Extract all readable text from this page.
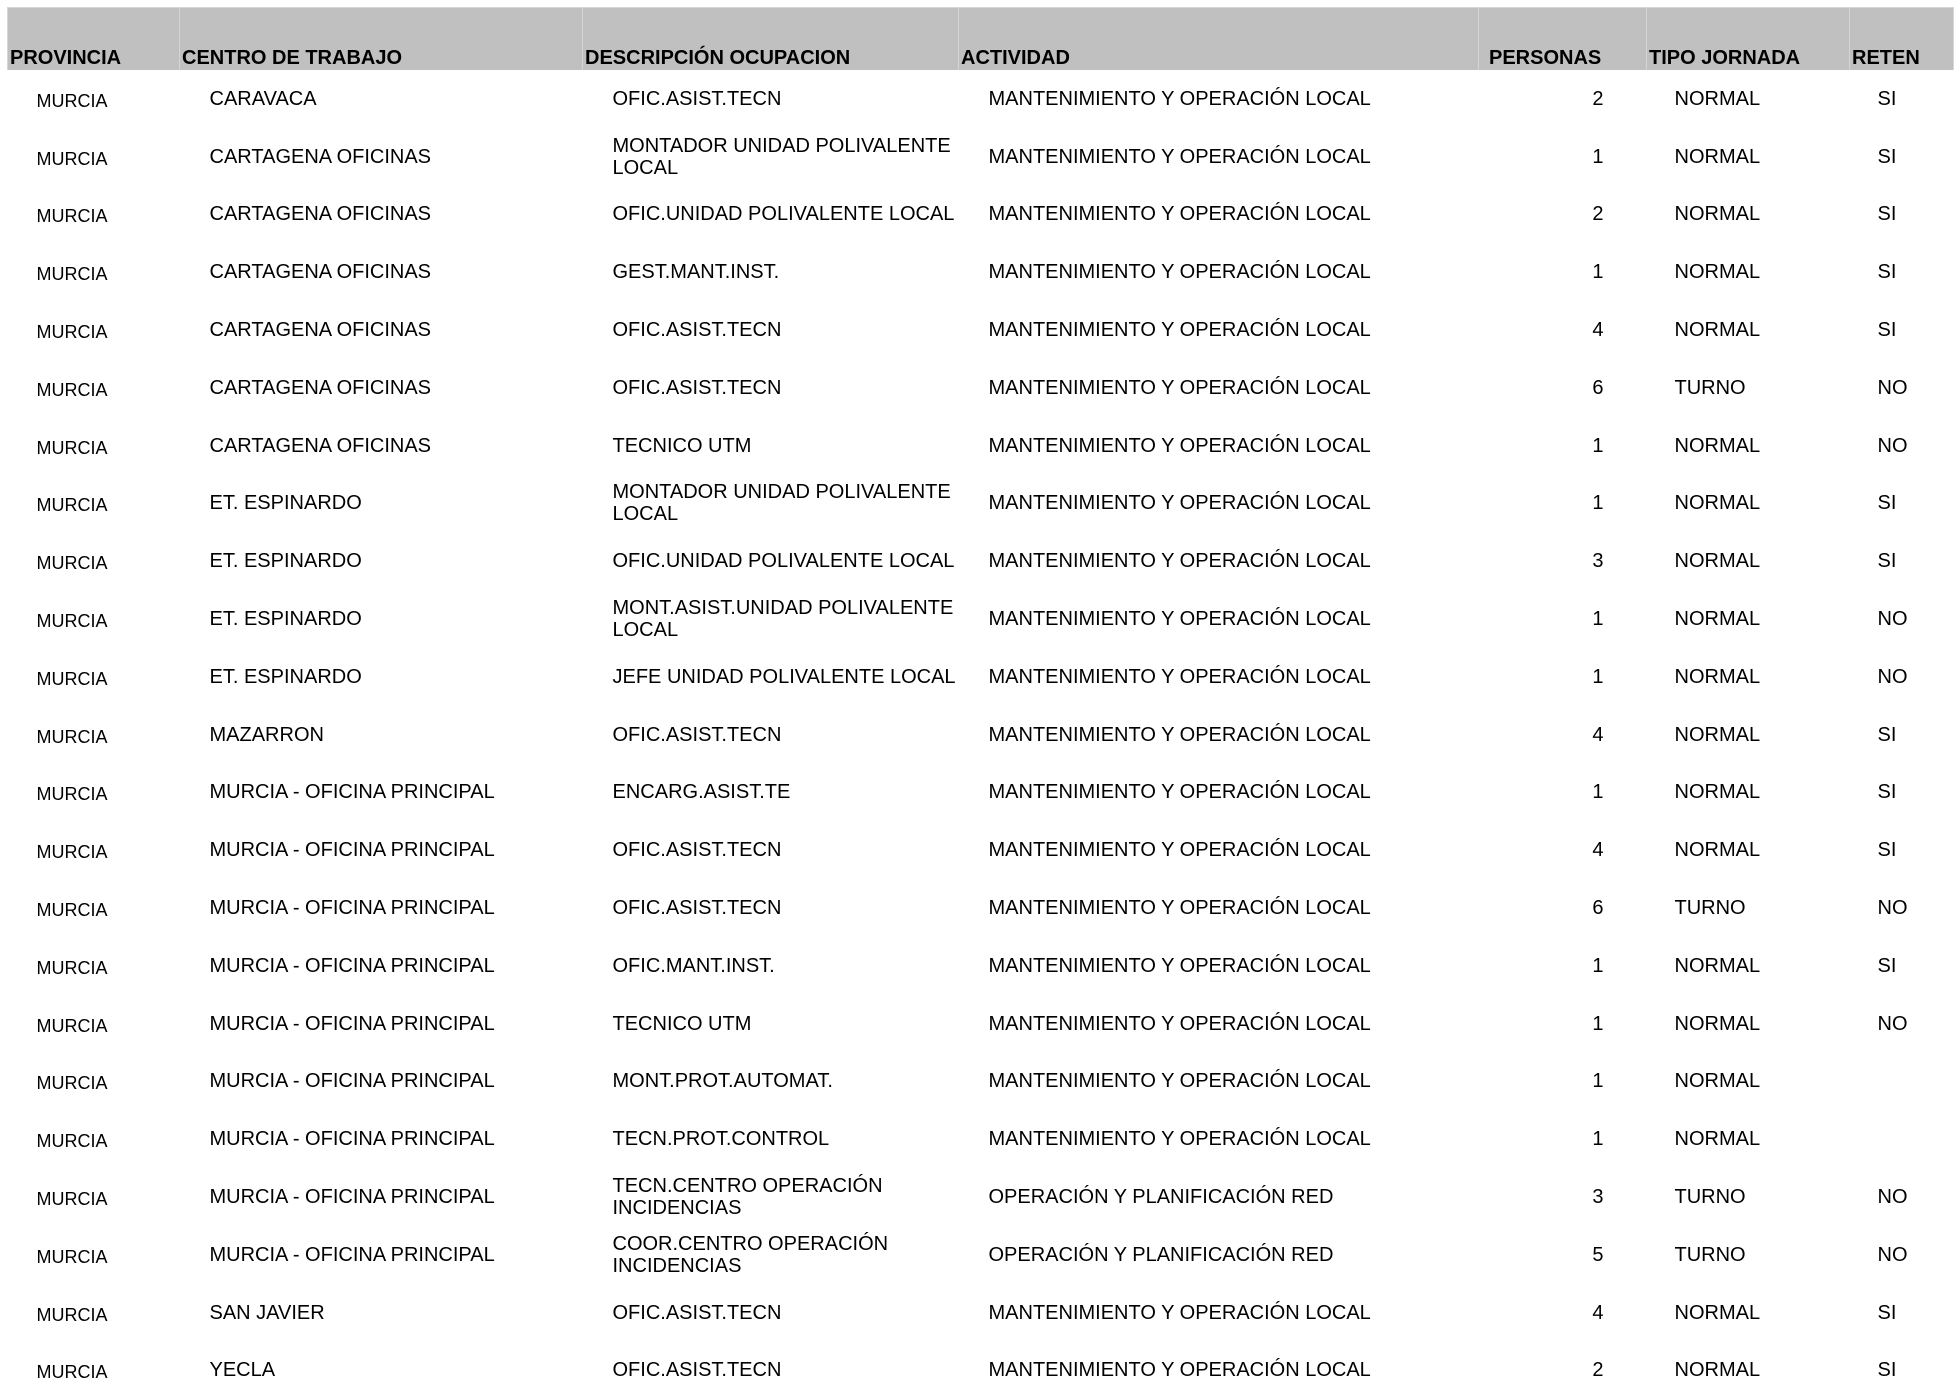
PROVINCIA	CENTRO DE TRABAJO	DESCRIPCIÓN OCUPACION	ACTIVIDAD	PERSONAS	TIPO JORNADA	RETEN

MURCIA	CARAVACA	OFIC.ASIST.TECN	MANTENIMIENTO Y OPERACIÓN LOCAL	2	NORMAL	SI
MURCIA	CARTAGENA OFICINAS	MONTADOR UNIDAD POLIVALENTE LOCAL	MANTENIMIENTO Y OPERACIÓN LOCAL	1	NORMAL	SI
MURCIA	CARTAGENA OFICINAS	OFIC.UNIDAD POLIVALENTE LOCAL	MANTENIMIENTO Y OPERACIÓN LOCAL	2	NORMAL	SI
MURCIA	CARTAGENA OFICINAS	GEST.MANT.INST.	MANTENIMIENTO Y OPERACIÓN LOCAL	1	NORMAL	SI
MURCIA	CARTAGENA OFICINAS	OFIC.ASIST.TECN	MANTENIMIENTO Y OPERACIÓN LOCAL	4	NORMAL	SI
MURCIA	CARTAGENA OFICINAS	OFIC.ASIST.TECN	MANTENIMIENTO Y OPERACIÓN LOCAL	6	TURNO	NO
MURCIA	CARTAGENA OFICINAS	TECNICO UTM	MANTENIMIENTO Y OPERACIÓN LOCAL	1	NORMAL	NO
MURCIA	ET. ESPINARDO	MONTADOR UNIDAD POLIVALENTE LOCAL	MANTENIMIENTO Y OPERACIÓN LOCAL	1	NORMAL	SI
MURCIA	ET. ESPINARDO	OFIC.UNIDAD POLIVALENTE LOCAL	MANTENIMIENTO Y OPERACIÓN LOCAL	3	NORMAL	SI
MURCIA	ET. ESPINARDO	MONT.ASIST.UNIDAD POLIVALENTE LOCAL	MANTENIMIENTO Y OPERACIÓN LOCAL	1	NORMAL	NO
MURCIA	ET. ESPINARDO	JEFE UNIDAD POLIVALENTE LOCAL	MANTENIMIENTO Y OPERACIÓN LOCAL	1	NORMAL	NO
MURCIA	MAZARRON	OFIC.ASIST.TECN	MANTENIMIENTO Y OPERACIÓN LOCAL	4	NORMAL	SI
MURCIA	MURCIA - OFICINA PRINCIPAL	ENCARG.ASIST.TE	MANTENIMIENTO Y OPERACIÓN LOCAL	1	NORMAL	SI
MURCIA	MURCIA - OFICINA PRINCIPAL	OFIC.ASIST.TECN	MANTENIMIENTO Y OPERACIÓN LOCAL	4	NORMAL	SI
MURCIA	MURCIA - OFICINA PRINCIPAL	OFIC.ASIST.TECN	MANTENIMIENTO Y OPERACIÓN LOCAL	6	TURNO	NO
MURCIA	MURCIA - OFICINA PRINCIPAL	OFIC.MANT.INST.	MANTENIMIENTO Y OPERACIÓN LOCAL	1	NORMAL	SI
MURCIA	MURCIA - OFICINA PRINCIPAL	TECNICO UTM	MANTENIMIENTO Y OPERACIÓN LOCAL	1	NORMAL	NO
MURCIA	MURCIA - OFICINA PRINCIPAL	MONT.PROT.AUTOMAT.	MANTENIMIENTO Y OPERACIÓN LOCAL	1	NORMAL	
MURCIA	MURCIA - OFICINA PRINCIPAL	TECN.PROT.CONTROL	MANTENIMIENTO Y OPERACIÓN LOCAL	1	NORMAL	
MURCIA	MURCIA - OFICINA PRINCIPAL	TECN.CENTRO OPERACIÓN INCIDENCIAS	OPERACIÓN Y PLANIFICACIÓN RED	3	TURNO	NO
MURCIA	MURCIA - OFICINA PRINCIPAL	COOR.CENTRO OPERACIÓN INCIDENCIAS	OPERACIÓN Y PLANIFICACIÓN RED	5	TURNO	NO
MURCIA	SAN JAVIER	OFIC.ASIST.TECN	MANTENIMIENTO Y OPERACIÓN LOCAL	4	NORMAL	SI
MURCIA	YECLA	OFIC.ASIST.TECN	MANTENIMIENTO Y OPERACIÓN LOCAL	2	NORMAL	SI
